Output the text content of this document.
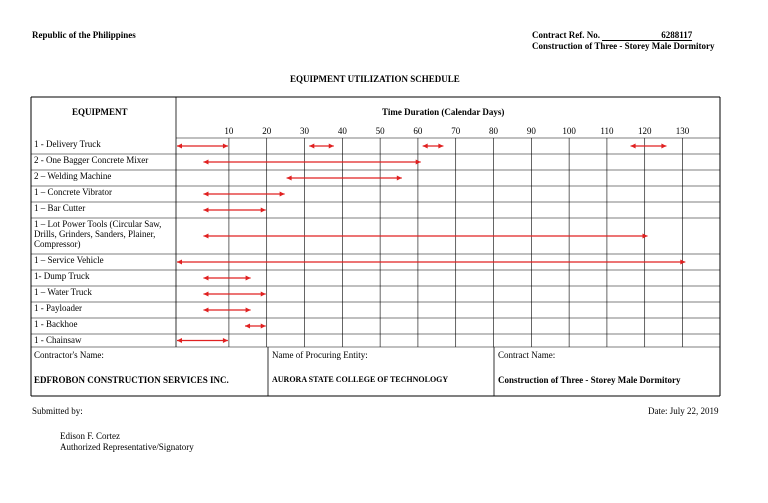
Republic of the Philippines	Contract Ref. No.	6288117
Construction of Three - Storey Male Dormitory
EQUIPMENT UTILIZATION SCHEDULE
EQUIPMENT	Time Duration (Calendar Days)
10	20	30	40	50	60	70	80	90	100	110	120	130
1 - Delivery Truck
2 - One Bagger Concrete Mixer
2 – Welding Machine
1 – Concrete Vibrator
1 – Bar Cutter
1 – Lot Power Tools (Circular Saw,
Drills, Grinders, Sanders, Plainer,
Compressor)
1 – Service Vehicle
1- Dump Truck
1 – Water Truck
1 - Payloader
1 - Backhoe
1 - Chainsaw
Contractor's Name:
EDFROBON CONSTRUCTION SERVICES INC.
Name of Procuring Entity:
AURORA STATE COLLEGE OF TECHNOLOGY
Contract Name:
Construction of Three - Storey Male Dormitory
Submitted by:	Date: July 22, 2019
Edison F. Cortez
Authorized Representative/Signatory
